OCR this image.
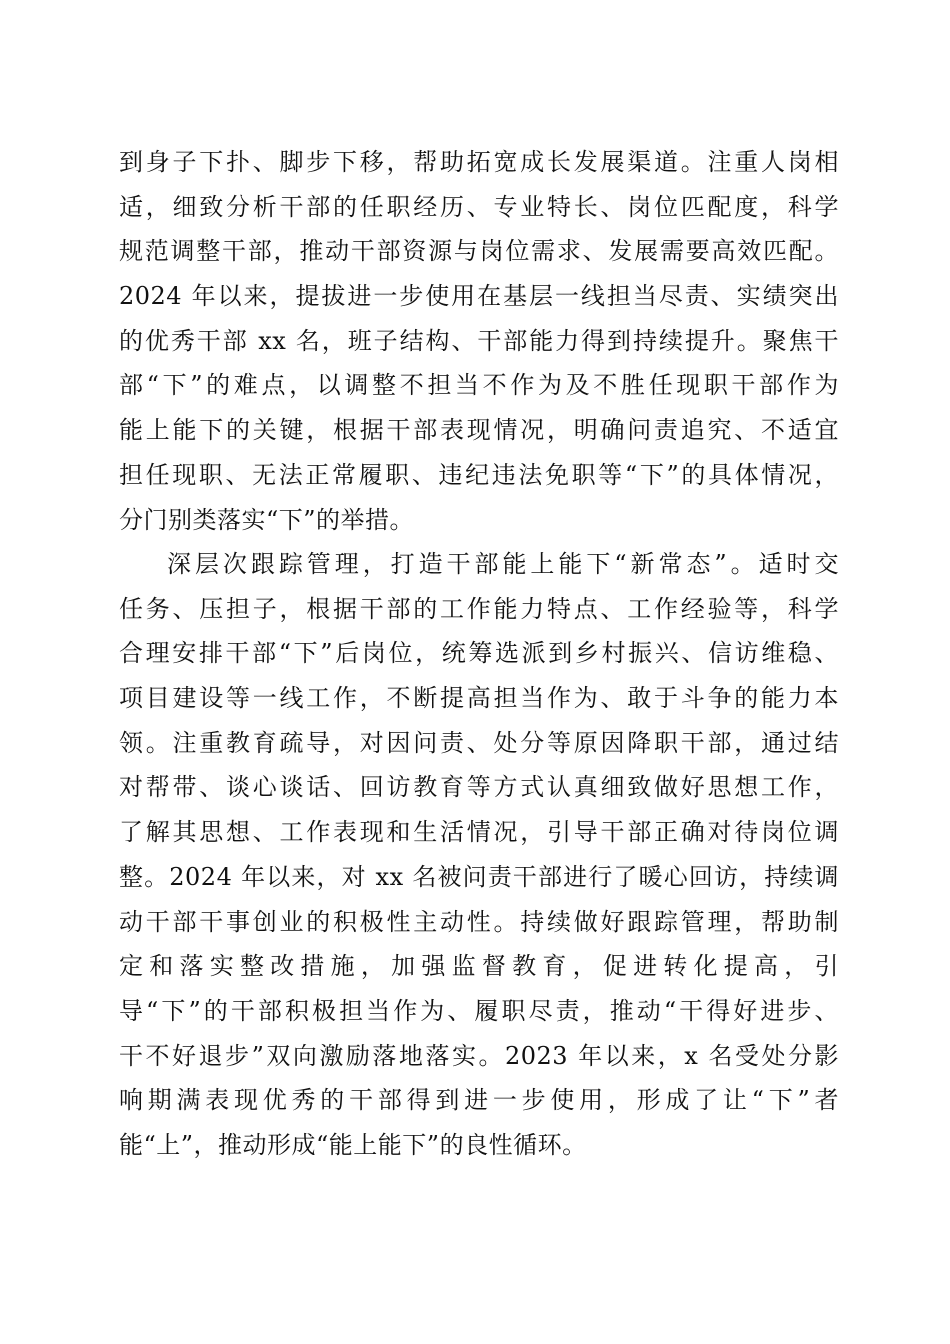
到身子下扑、脚步下移，帮助拓宽成长发展渠道。注重人岗相
适，细致分析干部的任职经历、专业特长、岗位匹配度，科学
规范调整干部，推动干部资源与岗位需求、发展需要高效匹配。
2024 年以来，提拔进一步使用在基层一线担当尽责、实绩突出
的优秀干部 xx 名，班子结构、干部能力得到持续提升。聚焦干
部“下”的难点，以调整不担当不作为及不胜任现职干部作为
能上能下的关键，根据干部表现情况，明确问责追究、不适宜
担任现职、无法正常履职、违纪违法免职等“下”的具体情况，
分门别类落实“下”的举措。
深层次跟踪管理，打造干部能上能下“新常态”。适时交
任务、压担子，根据干部的工作能力特点、工作经验等，科学
合理安排干部“下”后岗位，统筹选派到乡村振兴、信访维稳、
项目建设等一线工作，不断提高担当作为、敢于斗争的能力本
领。注重教育疏导，对因问责、处分等原因降职干部，通过结
对帮带、谈心谈话、回访教育等方式认真细致做好思想工作，
了解其思想、工作表现和生活情况，引导干部正确对待岗位调
整。2024 年以来，对 xx 名被问责干部进行了暖心回访，持续调
动干部干事创业的积极性主动性。持续做好跟踪管理，帮助制
定和落实整改措施，加强监督教育，促进转化提高，引
导“下”的干部积极担当作为、履职尽责，推动“干得好进步、
干不好退步”双向激励落地落实。2023 年以来，x 名受处分影
响期满表现优秀的干部得到进一步使用，形成了让“下”者
能“上”，推动形成“能上能下”的良性循环。
